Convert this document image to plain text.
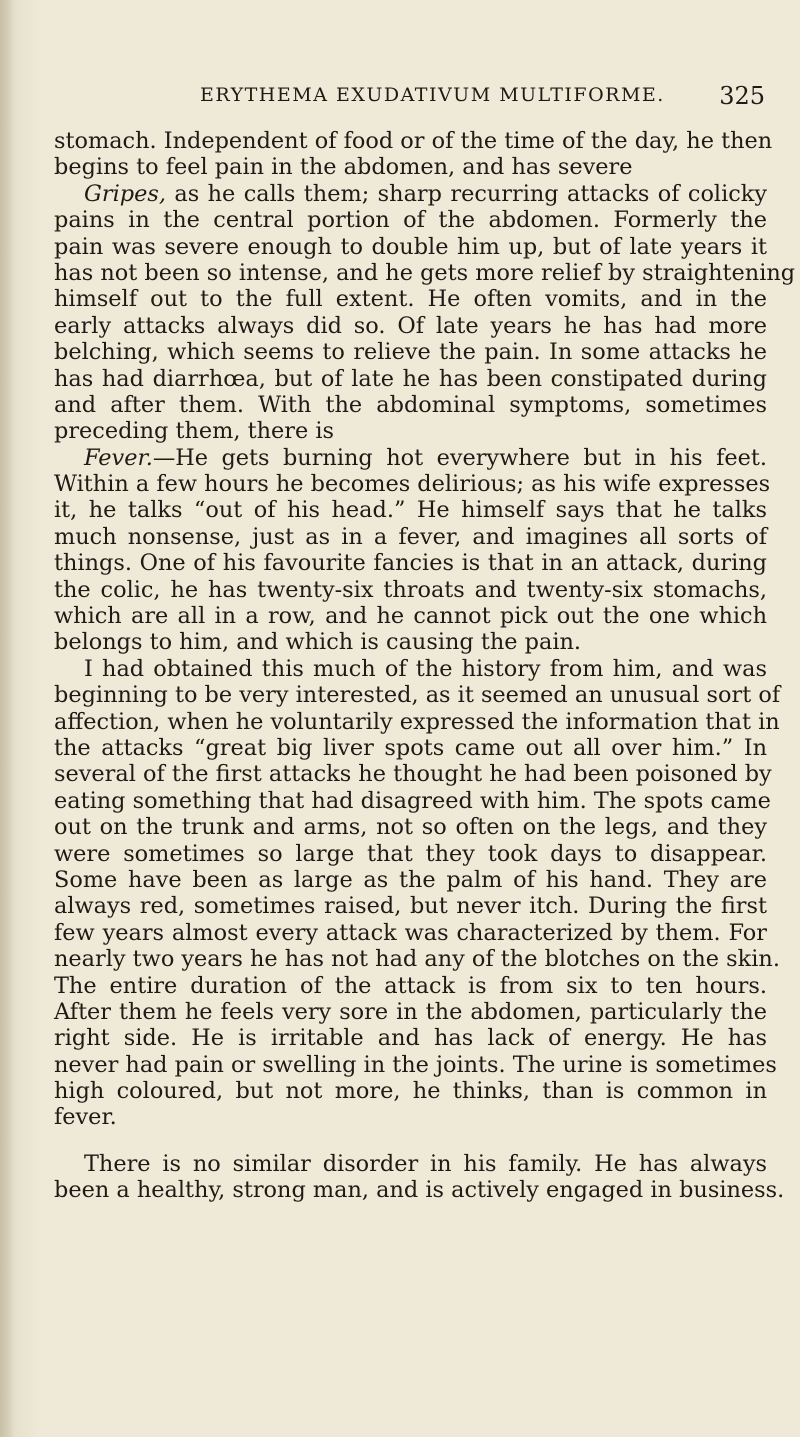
ERYTHEMA EXUDATIVUM MULTIFORME. 325
stomach. Independent of food or of the time of the day, he then
begins to feel pain in the abdomen, and has severe
Gripes, as he calls them; sharp recurring attacks of colicky
pains in the central portion of the abdomen. Formerly the
pain was severe enough to double him up, but of late years it
has not been so intense, and he gets more relief by straightening
himself out to the full extent. He often vomits, and in the
early attacks always did so. Of late years he has had more
belching, which seems to relieve the pain. In some attacks he
has had diarrhœa, but of late he has been constipated during
and after them. With the abdominal symptoms, sometimes
preceding them, there is
Fever.—He gets burning hot everywhere but in his feet.
Within a few hours he becomes delirious; as his wife expresses
it, he talks “out of his head.” He himself says that he talks
much nonsense, just as in a fever, and imagines all sorts of
things. One of his favourite fancies is that in an attack, during
the colic, he has twenty-six throats and twenty-six stomachs,
which are all in a row, and he cannot pick out the one which
belongs to him, and which is causing the pain.
I had obtained this much of the history from him, and was
beginning to be very interested, as it seemed an unusual sort of
affection, when he voluntarily expressed the information that in
the attacks “great big liver spots came out all over him.” In
several of the first attacks he thought he had been poisoned by
eating something that had disagreed with him. The spots came
out on the trunk and arms, not so often on the legs, and they
were sometimes so large that they took days to disappear.
Some have been as large as the palm of his hand. They are
always red, sometimes raised, but never itch. During the first
few years almost every attack was characterized by them. For
nearly two years he has not had any of the blotches on the skin.
The entire duration of the attack is from six to ten hours.
After them he feels very sore in the abdomen, particularly the
right side. He is irritable and has lack of energy. He has
never had pain or swelling in the joints. The urine is sometimes
high coloured, but not more, he thinks, than is common in
fever.
There is no similar disorder in his family. He has always
been a healthy, strong man, and is actively engaged in business.
